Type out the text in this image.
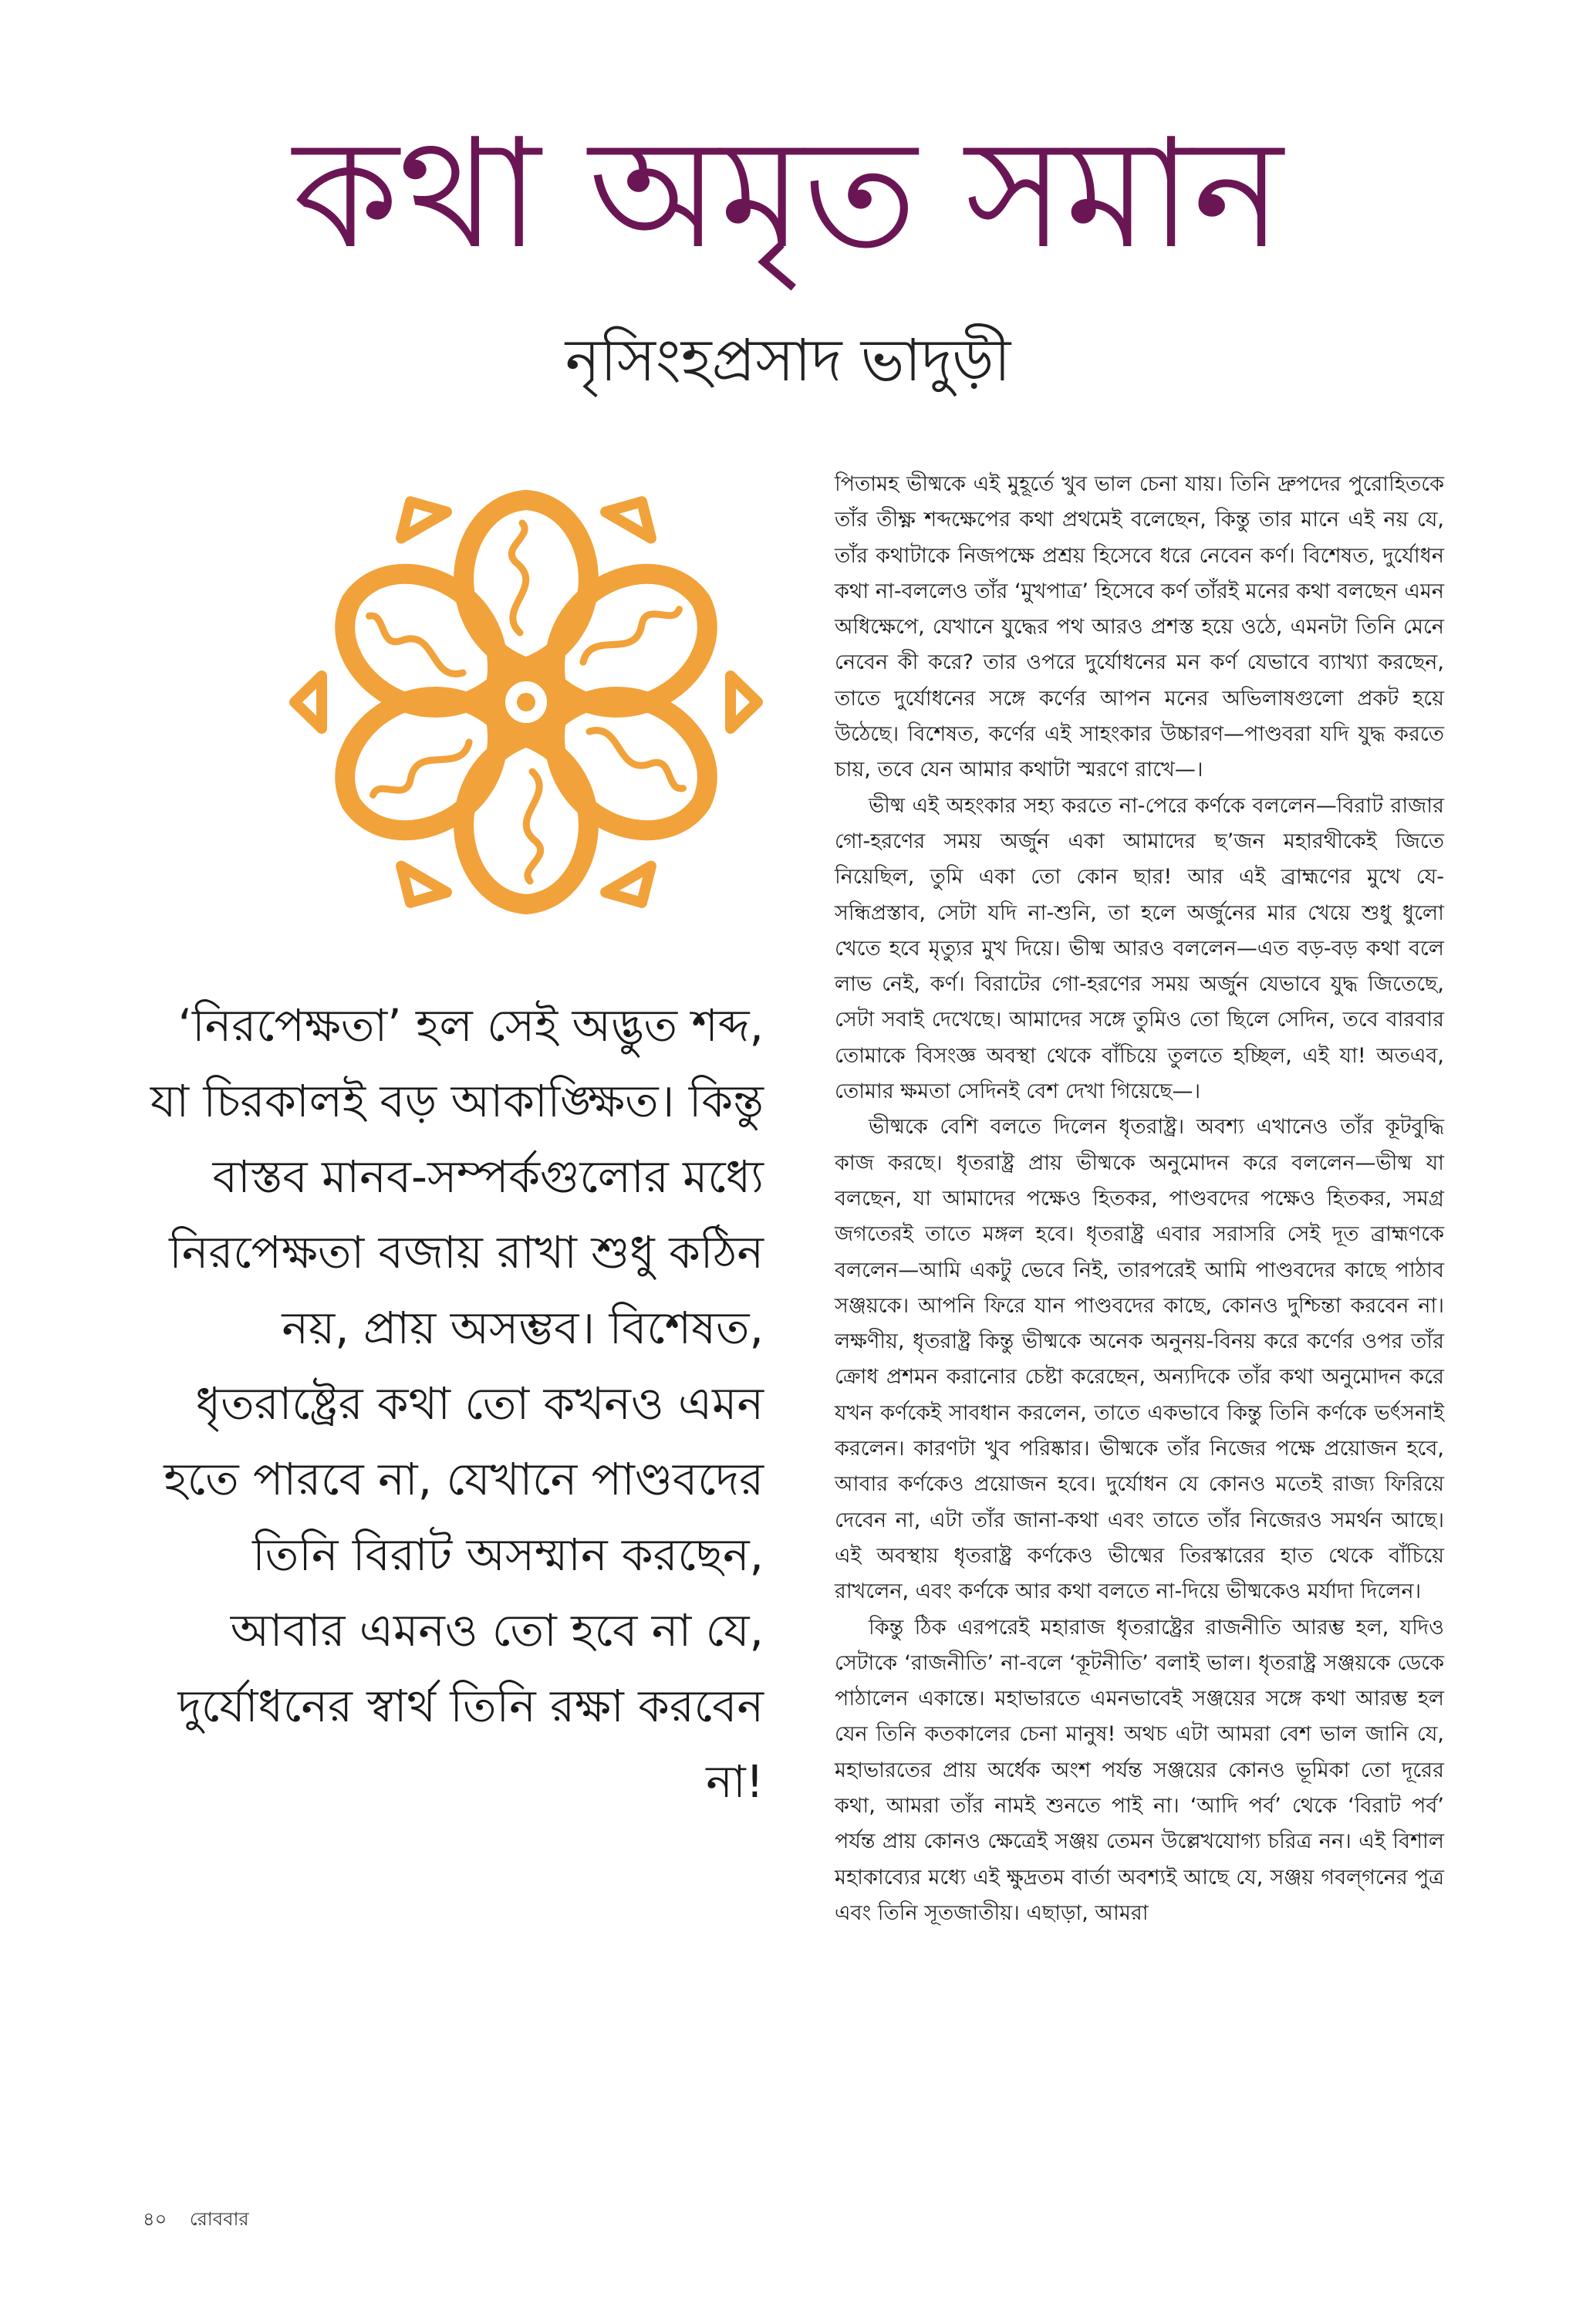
কথা অমৃত সমান
নৃসিংহপ্রসাদ ভাদুড়ী
‘নিরপেক্ষতা’ হল সেই অদ্ভুত শব্দ, যা চিরকালই বড় আকাঙ্ক্ষিত। কিন্তু বাস্তব মানব-সম্পর্কগুলোর মধ্যে নিরপেক্ষতা বজায় রাখা শুধু কঠিন নয়, প্রায় অসম্ভব। বিশেষত, ধৃতরাষ্ট্রের কথা তো কখনও এমন হতে পারবে না, যেখানে পাণ্ডবদের তিনি বিরাট অসম্মান করছেন, আবার এমনও তো হবে না যে, দুর্যোধনের স্বার্থ তিনি রক্ষা করবেন না!

পিতামহ ভীষ্মকে এই মুহূর্তে খুব ভাল চেনা যায়। তিনি দ্রুপদের পুরোহিতকে তাঁর তীক্ষ্ণ শব্দক্ষেপের কথা প্রথমেই বলেছেন, কিন্তু তার মানে এই নয় যে, তাঁর কথাটাকে নিজপক্ষে প্রশ্রয় হিসেবে ধরে নেবেন কর্ণ। বিশেষত, দুর্যোধন কথা না-বললেও তাঁর ‘মুখপাত্র’ হিসেবে কর্ণ তাঁরই মনের কথা বলছেন এমন অধিক্ষেপে, যেখানে যুদ্ধের পথ আরও প্রশস্ত হয়ে ওঠে, এমনটা তিনি মেনে নেবেন কী করে? তার ওপরে দুর্যোধনের মন কর্ণ যেভাবে ব্যাখ্যা করছেন, তাতে দুর্যোধনের সঙ্গে কর্ণের আপন মনের অভিলাষগুলো প্রকট হয়ে উঠেছে। বিশেষত, কর্ণের এই সাহংকার উচ্চারণ—পাণ্ডবরা যদি যুদ্ধ করতে চায়, তবে যেন আমার কথাটা স্মরণে রাখে—।

ভীষ্ম এই অহংকার সহ্য করতে না-পেরে কর্ণকে বললেন—বিরাট রাজার গো-হরণের সময় অর্জুন একা আমাদের ছ’জন মহারথীকেই জিতে নিয়েছিল, তুমি একা তো কোন ছার! আর এই ব্রাহ্মণের মুখে যে-সন্ধিপ্রস্তাব, সেটা যদি না-শুনি, তা হলে অর্জুনের মার খেয়ে শুধু ধুলো খেতে হবে মৃত্যুর মুখ দিয়ে। ভীষ্ম আরও বললেন—এত বড়-বড় কথা বলে লাভ নেই, কর্ণ। বিরাটের গো-হরণের সময় অর্জুন যেভাবে যুদ্ধ জিতেছে, সেটা সবাই দেখেছে। আমাদের সঙ্গে তুমিও তো ছিলে সেদিন, তবে বারবার তোমাকে বিসংজ্ঞ অবস্থা থেকে বাঁচিয়ে তুলতে হচ্ছিল, এই যা! অতএব, তোমার ক্ষমতা সেদিনই বেশ দেখা গিয়েছে—।

ভীষ্মকে বেশি বলতে দিলেন ধৃতরাষ্ট্র। অবশ্য এখানেও তাঁর কূটবুদ্ধি কাজ করছে। ধৃতরাষ্ট্র প্রায় ভীষ্মকে অনুমোদন করে বললেন—ভীষ্ম যা বলছেন, যা আমাদের পক্ষেও হিতকর, পাণ্ডবদের পক্ষেও হিতকর, সমগ্র জগতেরই তাতে মঙ্গল হবে। ধৃতরাষ্ট্র এবার সরাসরি সেই দূত ব্রাহ্মণকে বললেন—আমি একটু ভেবে নিই, তারপরেই আমি পাণ্ডবদের কাছে পাঠাব সঞ্জয়কে। আপনি ফিরে যান পাণ্ডবদের কাছে, কোনও দুশ্চিন্তা করবেন না। লক্ষণীয়, ধৃতরাষ্ট্র কিন্তু ভীষ্মকে অনেক অনুনয়-বিনয় করে কর্ণের ওপর তাঁর ক্রোধ প্রশমন করানোর চেষ্টা করেছেন, অন্যদিকে তাঁর কথা অনুমোদন করে যখন কর্ণকেই সাবধান করলেন, তাতে একভাবে কিন্তু তিনি কর্ণকে ভর্ৎসনাই করলেন। কারণটা খুব পরিষ্কার। ভীষ্মকে তাঁর নিজের পক্ষে প্রয়োজন হবে, আবার কর্ণকেও প্রয়োজন হবে। দুর্যোধন যে কোনও মতেই রাজ্য ফিরিয়ে দেবেন না, এটা তাঁর জানা-কথা এবং তাতে তাঁর নিজেরও সমর্থন আছে। এই অবস্থায় ধৃতরাষ্ট্র কর্ণকেও ভীষ্মের তিরস্কারের হাত থেকে বাঁচিয়ে রাখলেন, এবং কর্ণকে আর কথা বলতে না-দিয়ে ভীষ্মকেও মর্যাদা দিলেন।

কিন্তু ঠিক এরপরেই মহারাজ ধৃতরাষ্ট্রের রাজনীতি আরম্ভ হল, যদিও সেটাকে ‘রাজনীতি’ না-বলে ‘কূটনীতি’ বলাই ভাল। ধৃতরাষ্ট্র সঞ্জয়কে ডেকে পাঠালেন একান্তে। মহাভারতে এমনভাবেই সঞ্জয়ের সঙ্গে কথা আরম্ভ হল যেন তিনি কতকালের চেনা মানুষ! অথচ এটা আমরা বেশ ভাল জানি যে, মহাভারতের প্রায় অর্ধেক অংশ পর্যন্ত সঞ্জয়ের কোনও ভূমিকা তো দূরের কথা, আমরা তাঁর নামই শুনতে পাই না। ‘আদি পর্ব’ থেকে ‘বিরাট পর্ব’ পর্যন্ত প্রায় কোনও ক্ষেত্রেই সঞ্জয় তেমন উল্লেখযোগ্য চরিত্র নন। এই বিশাল মহাকাব্যের মধ্যে এই ক্ষুদ্রতম বার্তা অবশ্যই আছে যে, সঞ্জয় গবল্‌গনের পুত্র এবং তিনি সূতজাতীয়। এছাড়া, আমরা

৪০ রোববার
